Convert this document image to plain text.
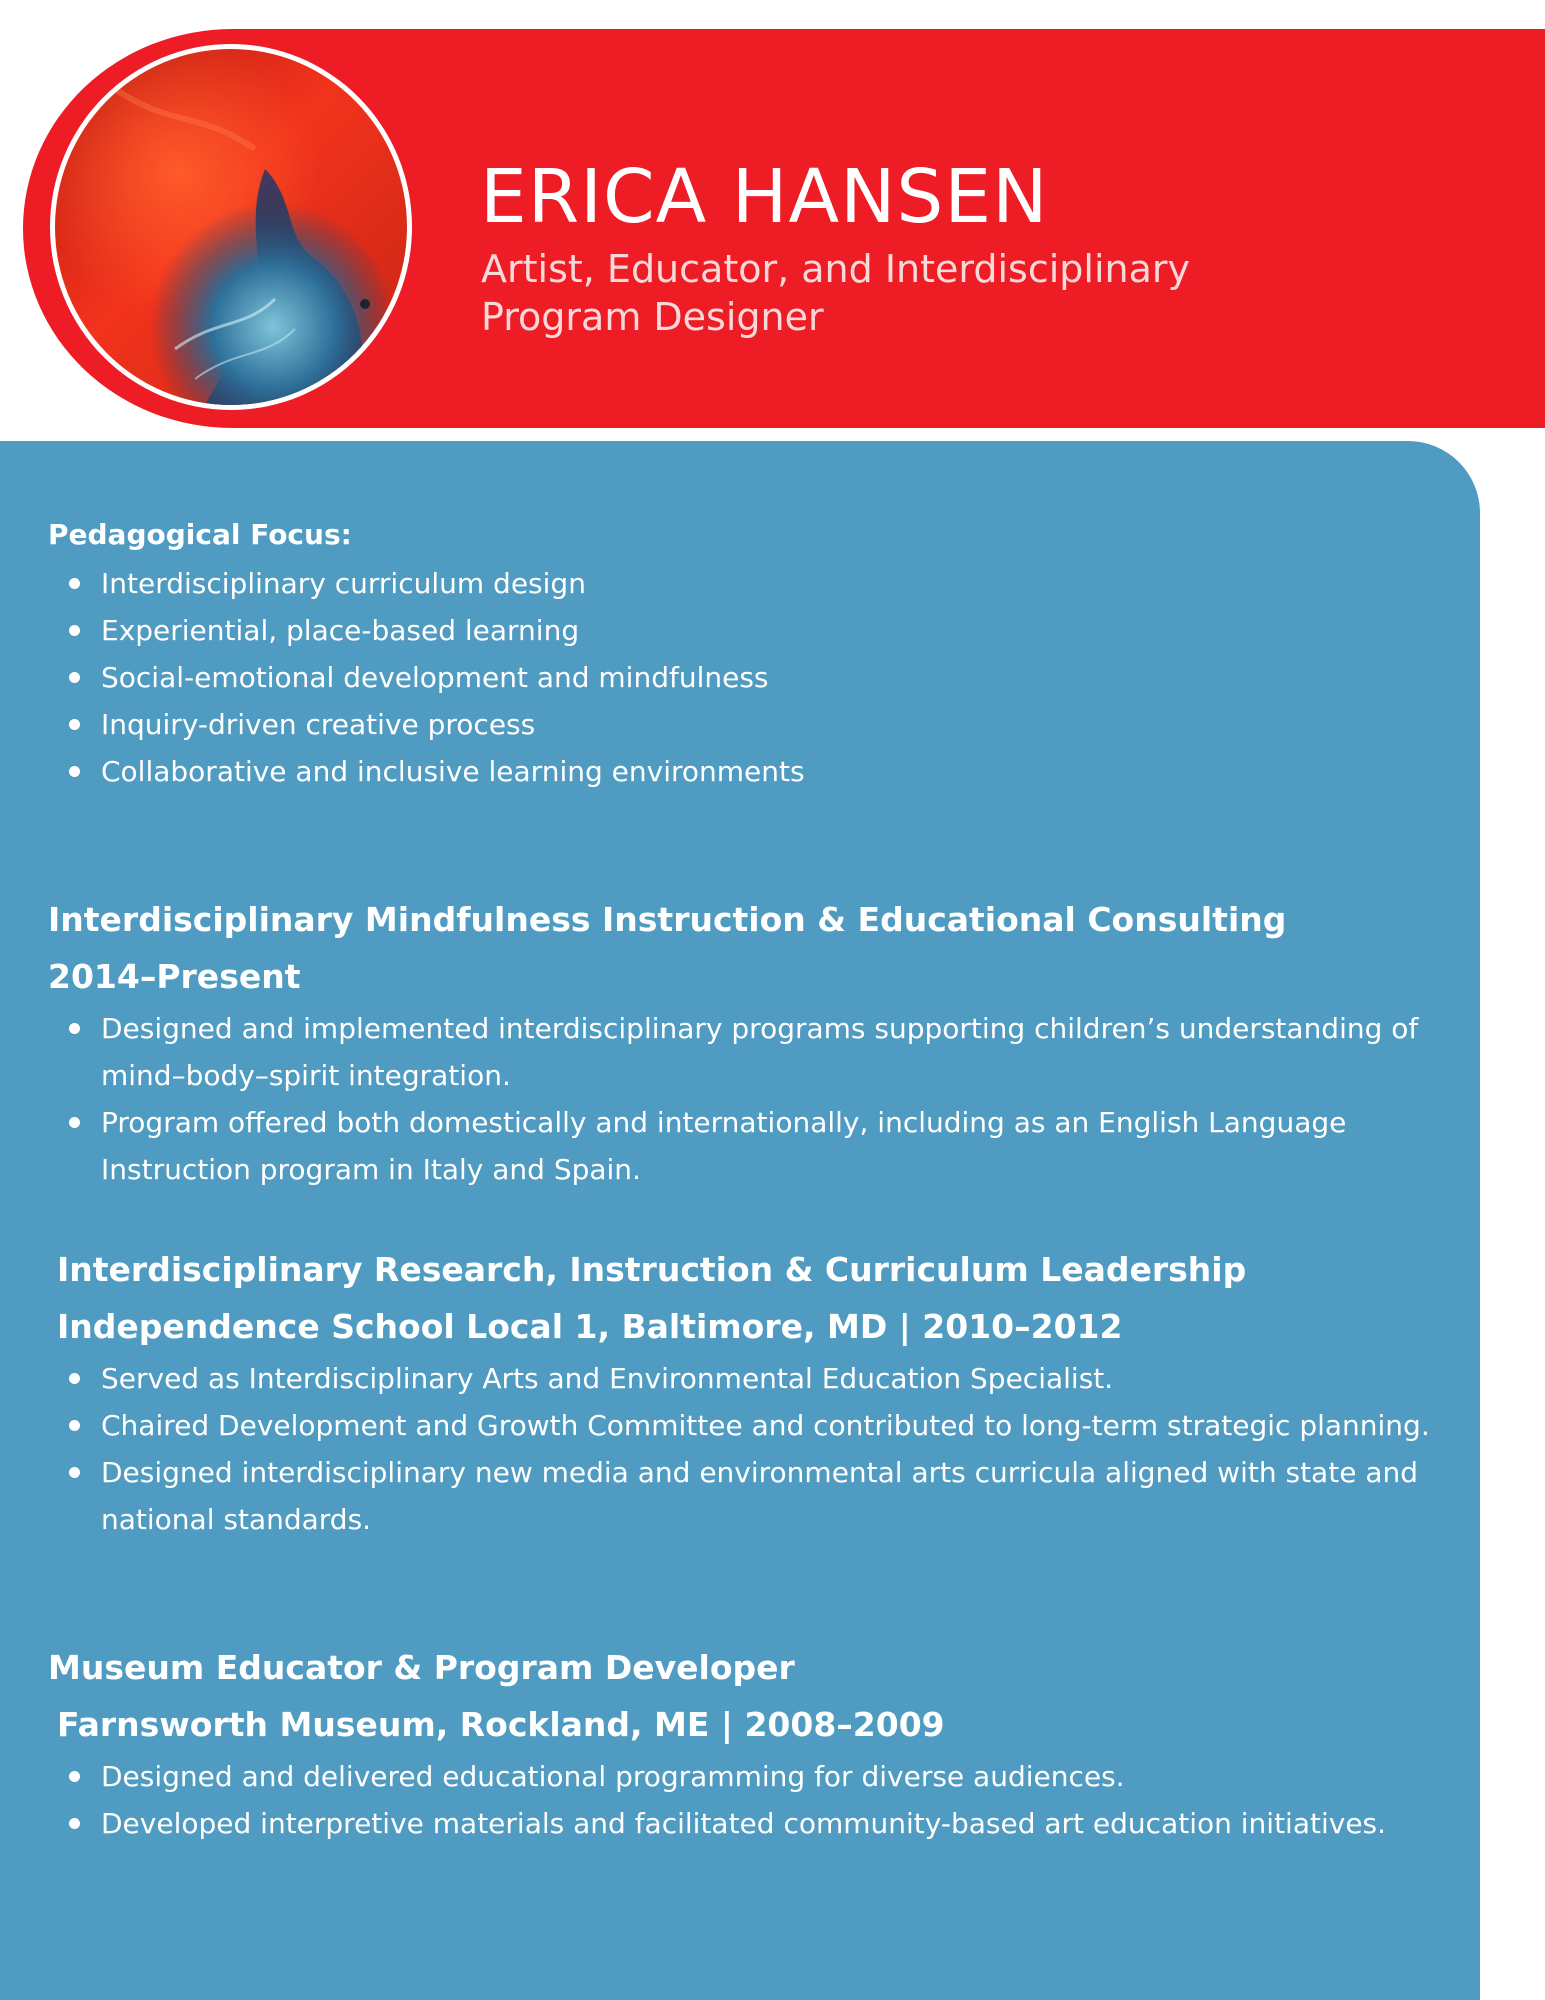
ERICA HANSEN

Artist, Educator, and Interdisciplinary Program Designer

Pedagogical Focus:
Interdisciplinary curriculum design
Experiential, place-based learning
Social-emotional development and mindfulness
Inquiry-driven creative process
Collaborative and inclusive learning environments
Interdisciplinary Mindfulness Instruction & Educational Consulting
2014–Present
Designed and implemented interdisciplinary programs supporting children’s understanding of mind–body–spirit integration.
Program offered both domestically and internationally, including as an English Language Instruction program in Italy and Spain.
Interdisciplinary Research, Instruction & Curriculum Leadership
Independence School Local 1, Baltimore, MD | 2010–2012
Served as Interdisciplinary Arts and Environmental Education Specialist.
Chaired Development and Growth Committee and contributed to long-term strategic planning.
Designed interdisciplinary new media and environmental arts curricula aligned with state and national standards.
Museum Educator & Program Developer
Farnsworth Museum, Rockland, ME | 2008–2009
Designed and delivered educational programming for diverse audiences.
Developed interpretive materials and facilitated community-based art education initiatives.
